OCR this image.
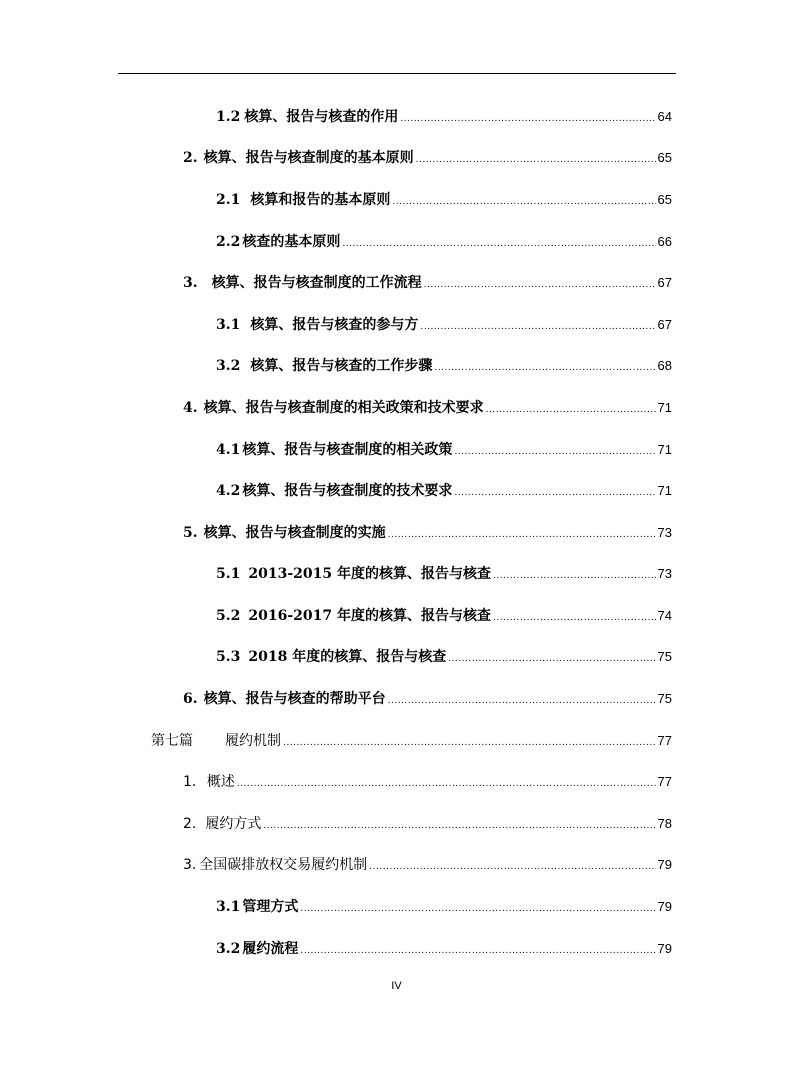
1.2 核算、报告与核查的作用 .....	64
2. 核算、报告与核查制度的基本原则 .....	65
2.1 核算和报告的基本原则 .....	65
2.2 核查的基本原则 .....	66
3. 核算、报告与核查制度的工作流程 .....	67
3.1 核算、报告与核查的参与方 .....	67
3.2 核算、报告与核查的工作步骤 .....	68
4. 核算、报告与核查制度的相关政策和技术要求 .....	71
4.1 核算、报告与核查制度的相关政策 .....	71
4.2 核算、报告与核查制度的技术要求 .....	71
5. 核算、报告与核查制度的实施 .....	73
5.1 2013-2015 年度的核算、报告与核查 .....	73
5.2 2016-2017 年度的核算、报告与核查 .....	74
5.3 2018 年度的核算、报告与核查 .....	75
6. 核算、报告与核查的帮助平台 .....	75
第七篇 履约机制 .....	77
1. 概述 .....	77
2. 履约方式 .....	78
3. 全国碳排放权交易履约机制 .....	79
3.1 管理方式 .....	79
3.2 履约流程 .....	79
IV
